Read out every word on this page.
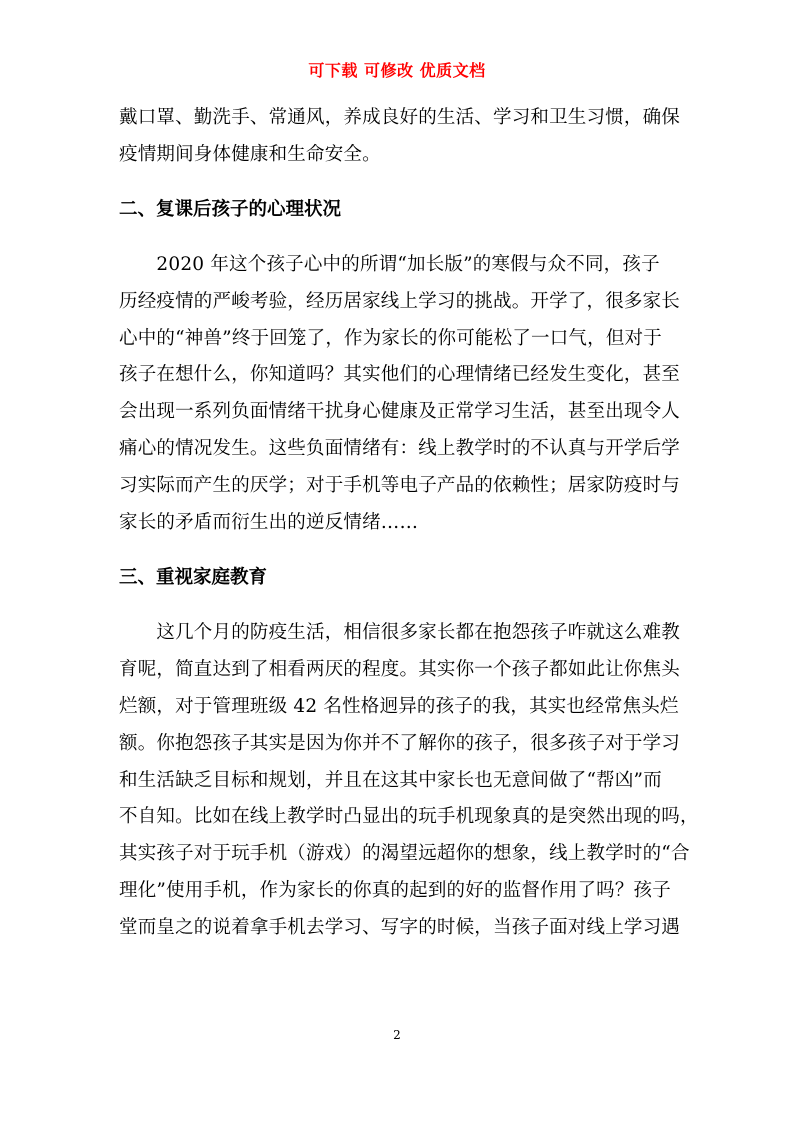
可下载 可修改 优质文档

戴口罩、勤洗手、常通风，养成良好的生活、学习和卫生习惯，确保
疫情期间身体健康和生命安全。

二、复课后孩子的心理状况

　　2020 年这个孩子心中的所谓“加长版”的寒假与众不同，孩子
历经疫情的严峻考验，经历居家线上学习的挑战。开学了，很多家长
心中的“神兽”终于回笼了，作为家长的你可能松了一口气，但对于
孩子在想什么，你知道吗？其实他们的心理情绪已经发生变化，甚至
会出现一系列负面情绪干扰身心健康及正常学习生活，甚至出现令人
痛心的情况发生。这些负面情绪有：线上教学时的不认真与开学后学
习实际而产生的厌学；对于手机等电子产品的依赖性；居家防疫时与
家长的矛盾而衍生出的逆反情绪……

三、重视家庭教育

　　这几个月的防疫生活，相信很多家长都在抱怨孩子咋就这么难教
育呢，简直达到了相看两厌的程度。其实你一个孩子都如此让你焦头
烂额，对于管理班级 42 名性格迥异的孩子的我，其实也经常焦头烂
额。你抱怨孩子其实是因为你并不了解你的孩子，很多孩子对于学习
和生活缺乏目标和规划，并且在这其中家长也无意间做了“帮凶”而
不自知。比如在线上教学时凸显出的玩手机现象真的是突然出现的吗，
其实孩子对于玩手机（游戏）的渴望远超你的想象，线上教学时的“合
理化”使用手机，作为家长的你真的起到的好的监督作用了吗？孩子
堂而皇之的说着拿手机去学习、写字的时候，当孩子面对线上学习遇

2
